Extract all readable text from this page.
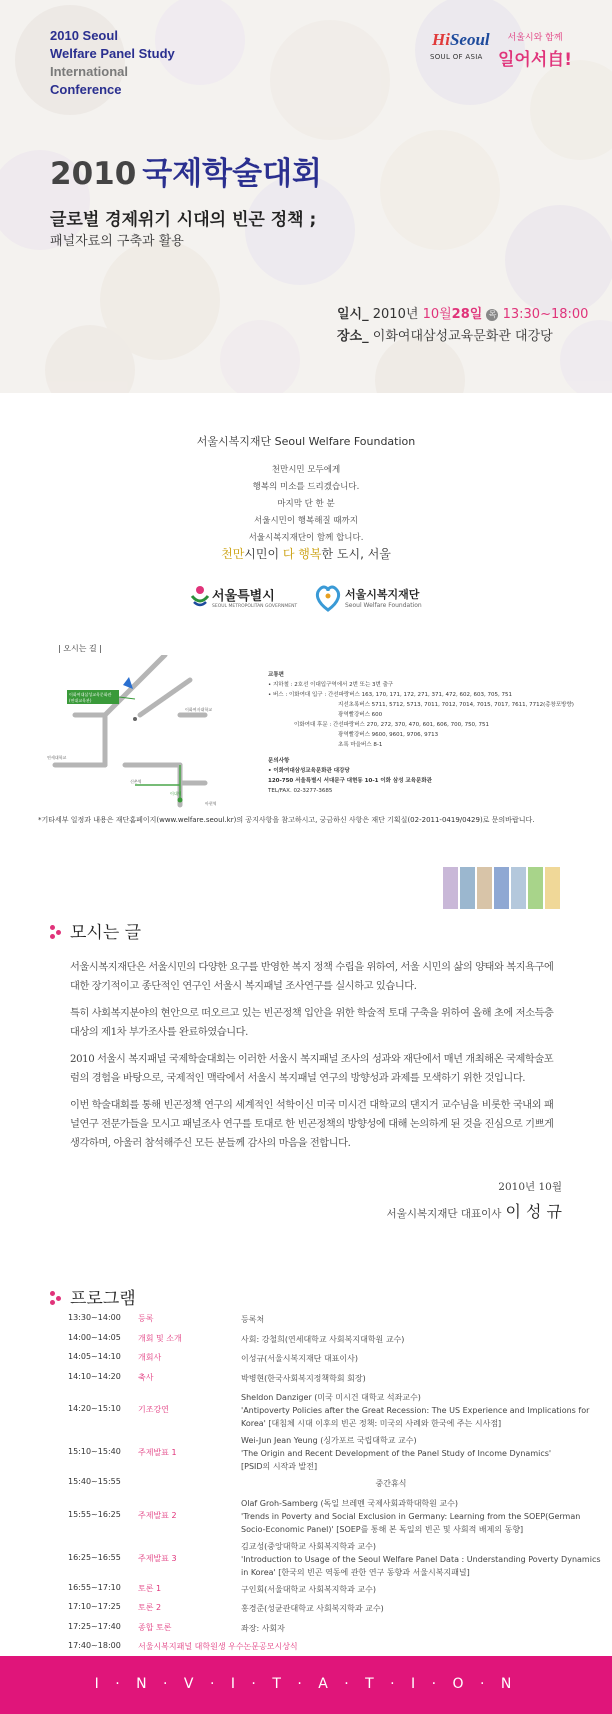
2010 Seoul
Welfare Panel Study
International
Conference
HiSeoul
SOUL OF ASIA
서울시와 함께
일어서自!
2010 국제학술대회
글로벌 경제위기 시대의 빈곤 정책 ;
패널자료의 구축과 활용
일시_ 2010년 10월28일 목 13:30~18:00
장소_ 이화여대삼성교육문화관 대강당
서울시복지재단 Seoul Welfare Foundation
천만시민 모두에게
행복의 미소를 드리겠습니다.
마지막 단 한 분
서울시민이 행복해질 때까지
서울시복지재단이 함께 합니다.
천만시민이 다 행복한 도시, 서울
서울특별시
SEOUL METROPOLITAN GOVERNMENT
서울시복지재단
Seoul Welfare Foundation
| 오시는 길 |
이화여대삼성교육문화관
(연대교육관)
신촌역
이대역
아현역
연세대학교
이화여자대학교
교통편
• 지하철 : 2호선 이대입구역에서 2번 또는 3번 출구
• 버스 : 이화여대 입구 : 간선파랑버스 163, 170, 171, 172, 271, 371, 472, 602, 603, 705, 751
지선초록버스 5711, 5712, 5713, 7011, 7012, 7014, 7015, 7017, 7611, 7712(총창포방향)
광역빨강버스 600
이화여대 후문 : 간선파랑버스 270, 272, 370, 470, 601, 606, 700, 750, 751
광역빨강버스 9600, 9601, 9706, 9713
초록 마을버스 8-1
문의사항
• 이화여대삼성교육문화관 대강당
120-750 서울특별시 서대문구 대현동 10-1 이화 삼성 교육문화관
TEL/FAX. 02-3277-3685
*기타세부 일정과 내용은 재단홈페이지(www.welfare.seoul.kr)의 공지사항을 참고하시고, 궁금하신 사항은 재단 기획실(02-2011-0419/0429)로 문의바랍니다.
모시는 글

서울시복지재단은 서울시민의 다양한 요구를 반영한 복지 정책 수립을 위하여, 서울 시민의 삶의 양태와 복지욕구에 대한 장기적이고 종단적인 연구인 서울시 복지패널 조사연구를 실시하고 있습니다.

특히 사회복지분야의 현안으로 떠오르고 있는 빈곤정책 입안을 위한 학술적 토대 구축을 위하여 올해 초에 저소득층 대상의 제1차 부가조사를 완료하였습니다.

2010 서울시 복지패널 국제학술대회는 이러한 서울시 복지패널 조사의 성과와 재단에서 매년 개최해온 국제학술포럼의 경험을 바탕으로, 국제적인 맥락에서 서울시 복지패널 연구의 방향성과 과제를 모색하기 위한 것입니다.

이번 학술대회를 통해 빈곤정책 연구의 세계적인 석학이신 미국 미시건 대학교의 댄지거 교수님을 비롯한 국내외 패널연구 전문가들을 모시고 패널조사 연구를 토대로 한 빈곤정책의 방향성에 대해 논의하게 된 것을 진심으로 기쁘게 생각하며, 아울러 참석해주신 모든 분들께 감사의 마음을 전합니다.

2010년 10월
서울시복지재단 대표이사 이 성 규
프로그램
13:30~14:00 등록	등록처
14:00~14:05 개회 및 소개	사회: 강철희(연세대학교 사회복지대학원 교수)
14:05~14:10 개회사	이성규(서울시복지재단 대표이사)
14:10~14:20 축사	박병현(한국사회복지정책학회 회장)
14:20~15:10 기조강연
Sheldon Danziger (미국 미시건 대학교 석좌교수)
'Antipoverty Policies after the Great Recession: The US Experience and Implications for
Korea' [대침체 시대 이후의 빈곤 정책: 미국의 사례와 한국에 주는 시사점]
15:10~15:40 주제발표 1
Wei-Jun Jean Yeung (싱가포르 국립대학교 교수)
'The Origin and Recent Development of the Panel Study of Income Dynamics'
[PSID의 시작과 발전]
15:40~15:55	중간휴식
15:55~16:25 주제발표 2
Olaf Groh-Samberg (독일 브레멘 국제사회과학대학원 교수)
'Trends in Poverty and Social Exclusion in Germany: Learning from the SOEP(German
Socio-Economic Panel)' [SOEP를 통해 본 독일의 빈곤 및 사회적 배제의 동향]
16:25~16:55 주제발표 3
김교성(중앙대학교 사회복지학과 교수)
'Introduction to Usage of the Seoul Welfare Panel Data : Understanding Poverty Dynamics
in Korea' [한국의 빈곤 역동에 관한 연구 동향과 서울시복지패널]
16:55~17:10 토론 1	구인회(서울대학교 사회복지학과 교수)
17:10~17:25 토론 2	홍경준(성균관대학교 사회복지학과 교수)
17:25~17:40 종합 토론	좌장: 사회자
17:40~18:00 서울시복지패널 대학원생 우수논문공모시상식
I · N · V · I · T · A · T · I · O · N
